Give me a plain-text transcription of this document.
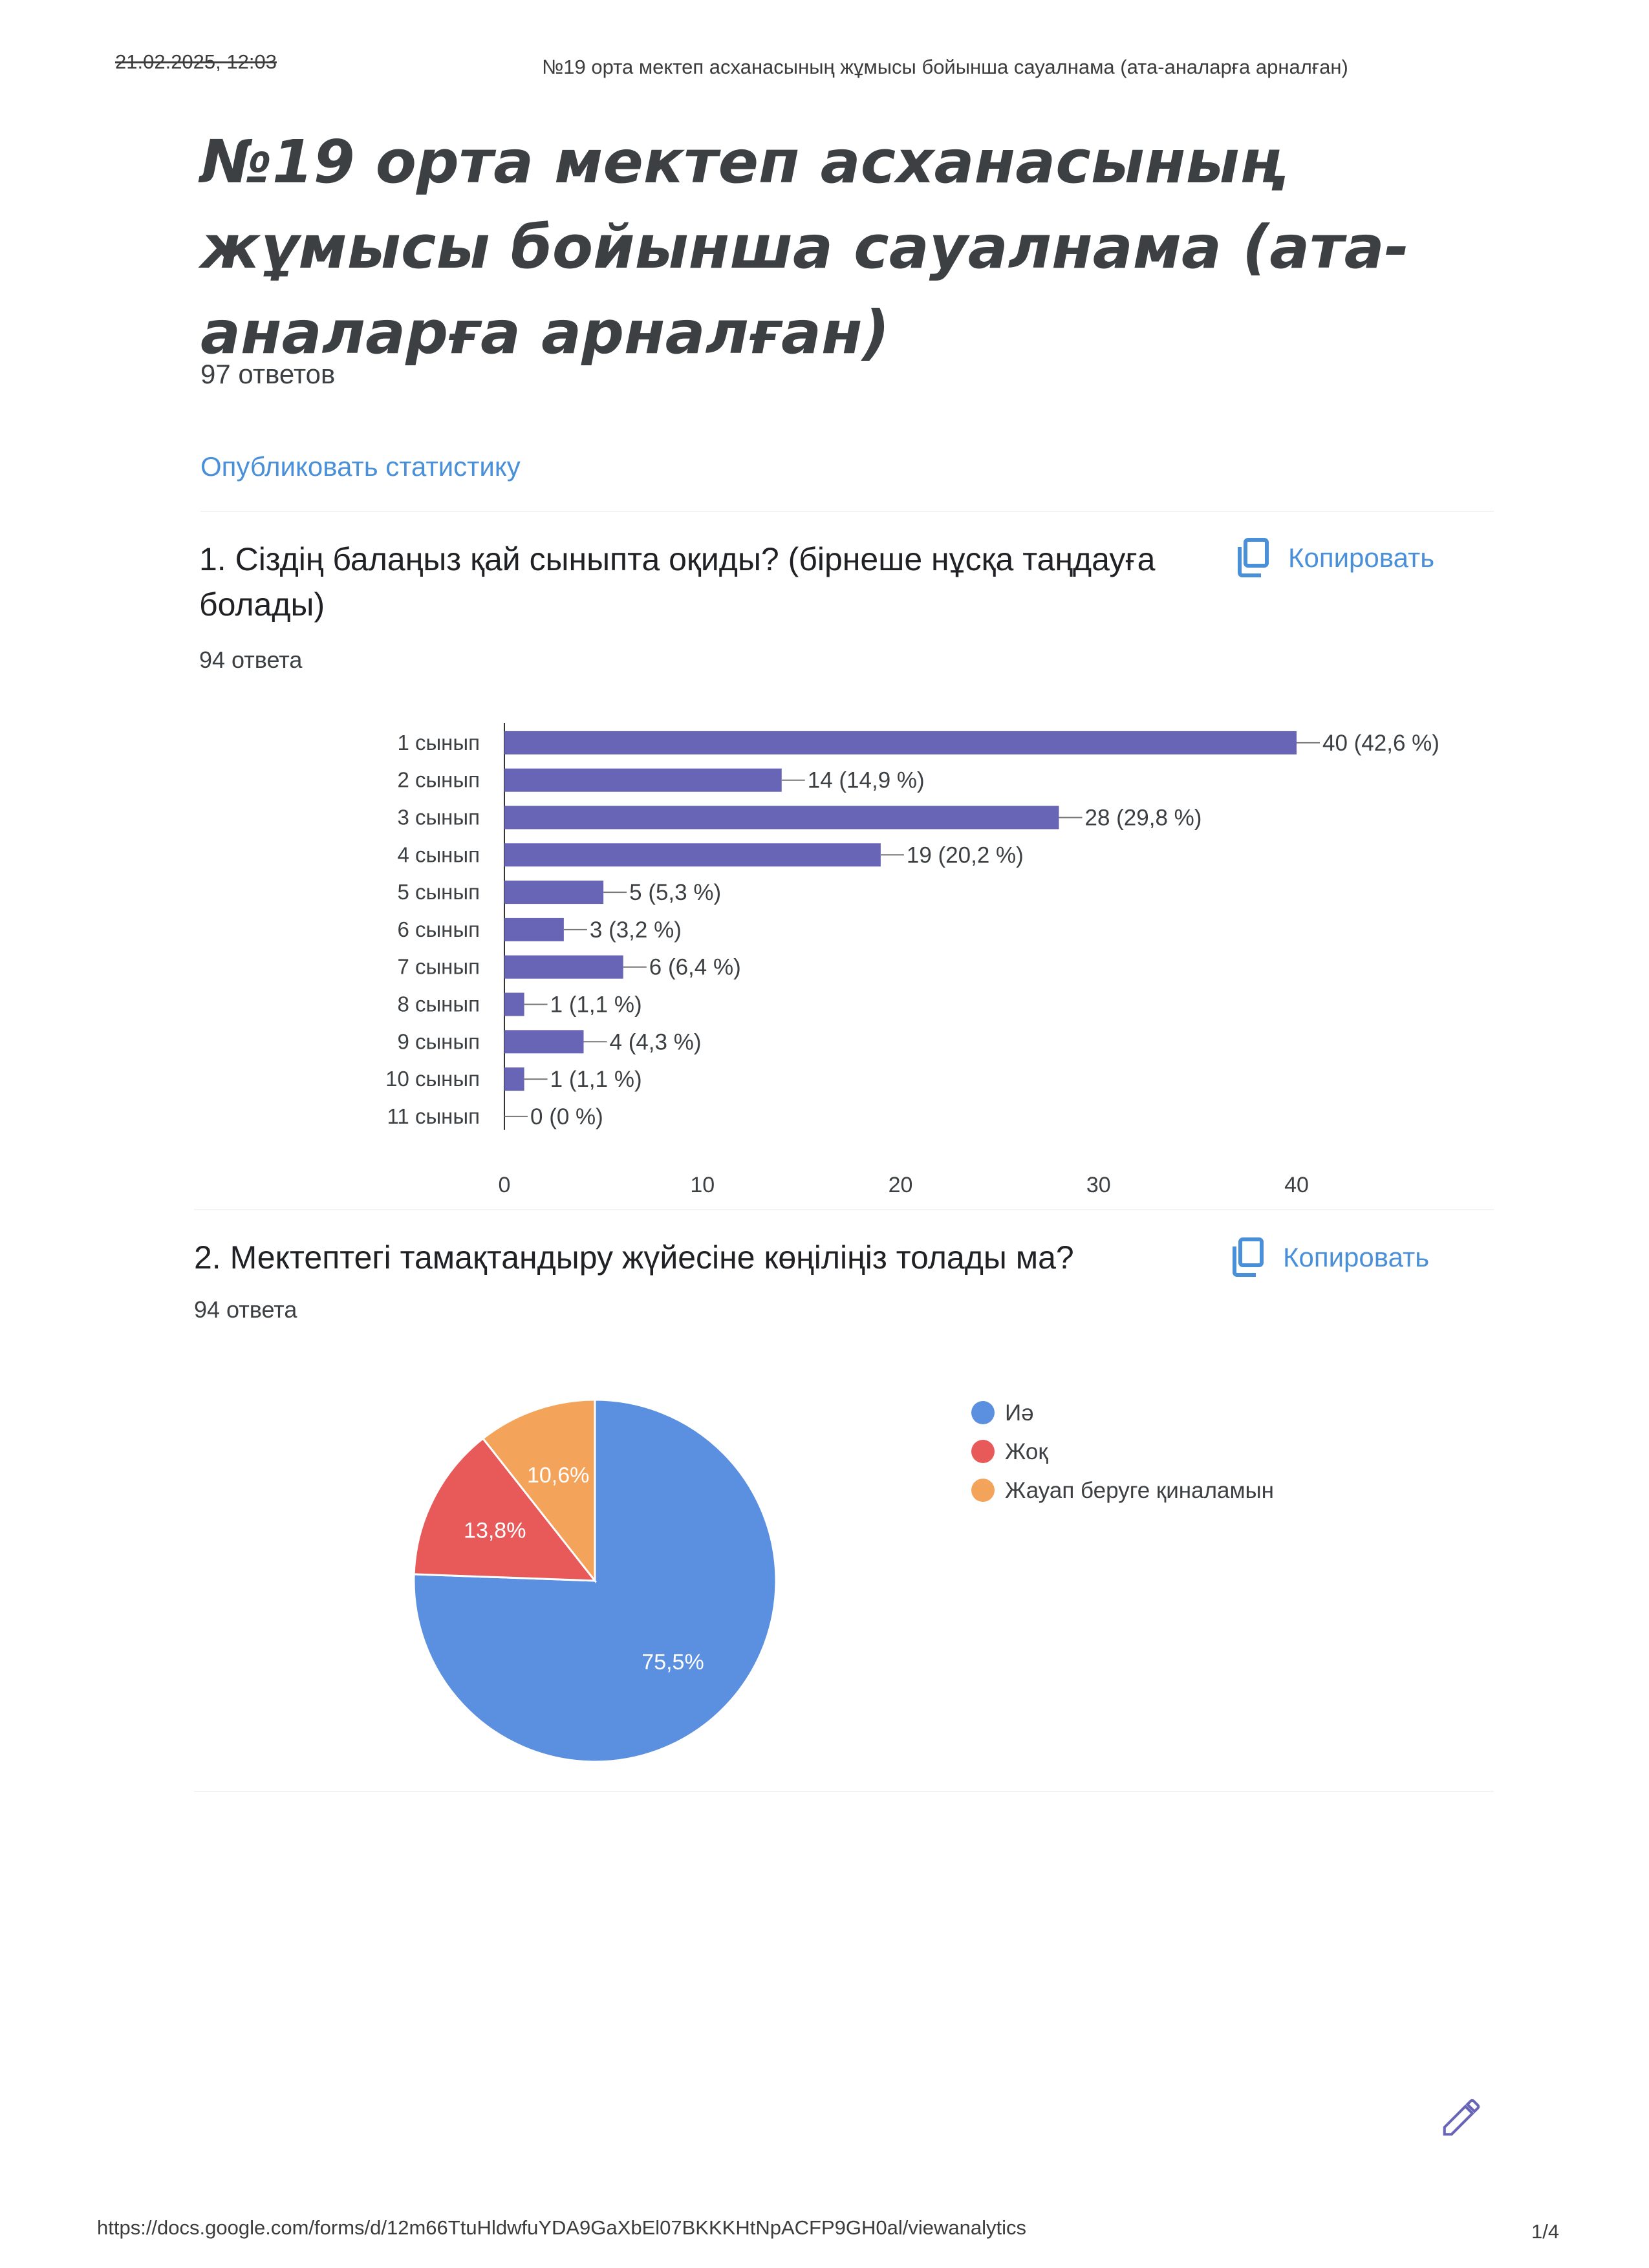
21.02.2025, 12:03	№19 орта мектеп асханасының жұмысы бойынша сауалнама (ата-аналарға арналған)
№19 орта мектеп асханасының жұмысы бойынша сауалнама (ата-аналарға арналған)
97 ответов
Опубликовать статистику
1. Сіздің балаңыз қай сыныпта оқиды? (бірнеше нұсқа таңдауға болады)
94 ответа
Копировать
1 сынып	40 (42,6 %)
2 сынып	14 (14,9 %)
3 сынып	28 (29,8 %)
4 сынып	19 (20,2 %)
5 сынып	5 (5,3 %)
6 сынып	3 (3,2 %)
7 сынып	6 (6,4 %)
8 сынып	1 (1,1 %)
9 сынып	4 (4,3 %)
10 сынып	1 (1,1 %)
11 сынып 0 (0 %)
0	10	20	30	40
2. Мектептегі тамақтандыру жүйесіне көңіліңіз толады ма?
94 ответа
Копировать
75,5%
13,8%
10,6%
Иә
Жоқ
Жауап беруге қиналамын
https://docs.google.com/forms/d/12m66TtuHldwfuYDA9GaXbEl07BKKKHtNpACFP9GH0al/viewanalytics	1/4
